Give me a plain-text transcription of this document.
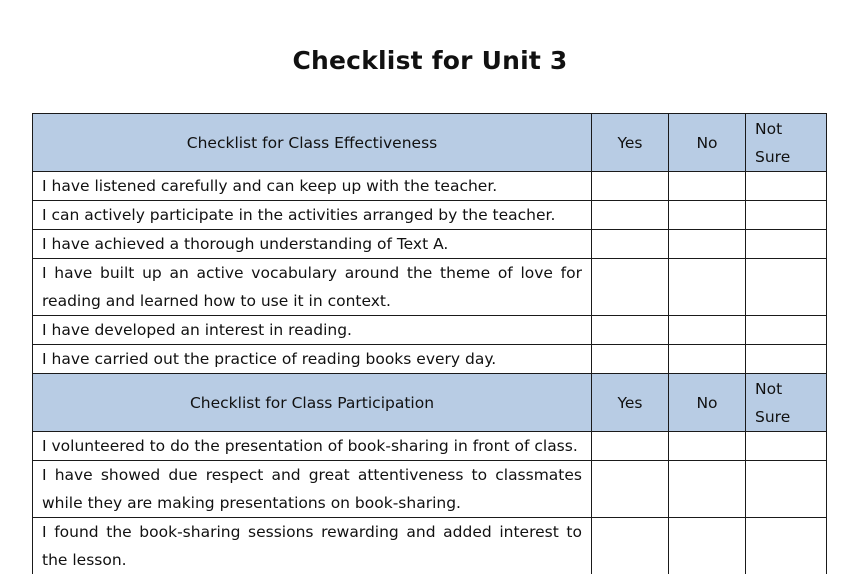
Checklist for Unit 3
Checklist for Class Effectiveness	Yes	No	Not
Sure
I have listened carefully and can keep up with the teacher.			
I can actively participate in the activities arranged by the teacher.			
I have achieved a thorough understanding of Text A.			
I have built up an active vocabulary around the theme of love for reading and learned how to use it in context.			
I have developed an interest in reading.			
I have carried out the practice of reading books every day.			
Checklist for Class Participation	Yes	No	Not
Sure
I volunteered to do the presentation of book-sharing in front of class.			
I have showed due respect and great attentiveness to classmates while they are making presentations on book-sharing.			
I found the book-sharing sessions rewarding and added interest to the lesson.			
